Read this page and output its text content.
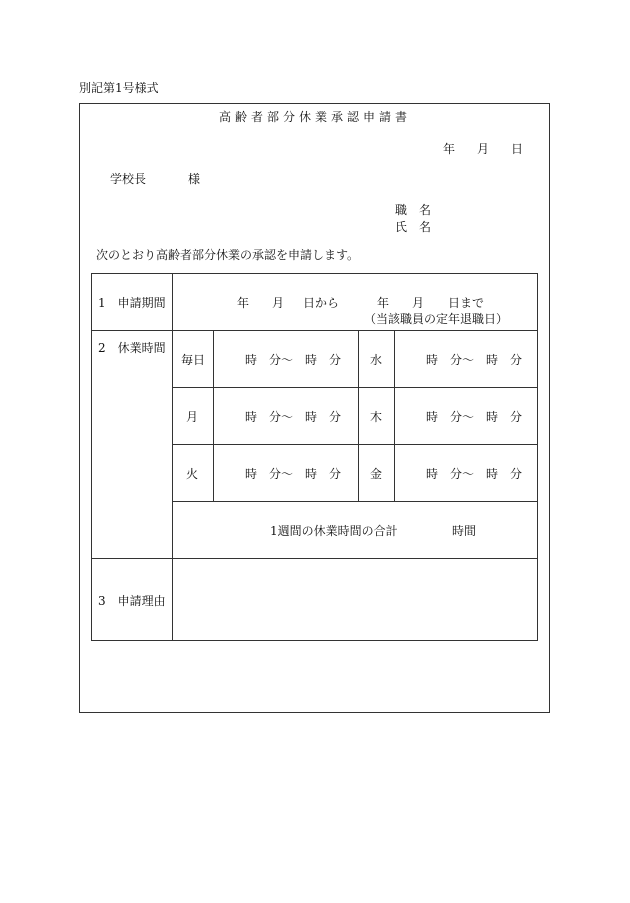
別記第1号様式
高齢者部分休業承認申請書
年 月 日
学校長	様
職　名
氏　名
次のとおり高齢者部分休業の承認を申請します。
1　申請期間	年 月 日から	年 月 日まで
（当該職員の定年退職日）
2　休業時間
毎日	時　分～ 時　分 水	時　分～ 時　分
月	時　分～ 時　分 木	時　分～ 時　分
火	時　分～ 時　分 金	時　分～ 時　分
1週間の休業時間の合計	時間
3　申請理由
